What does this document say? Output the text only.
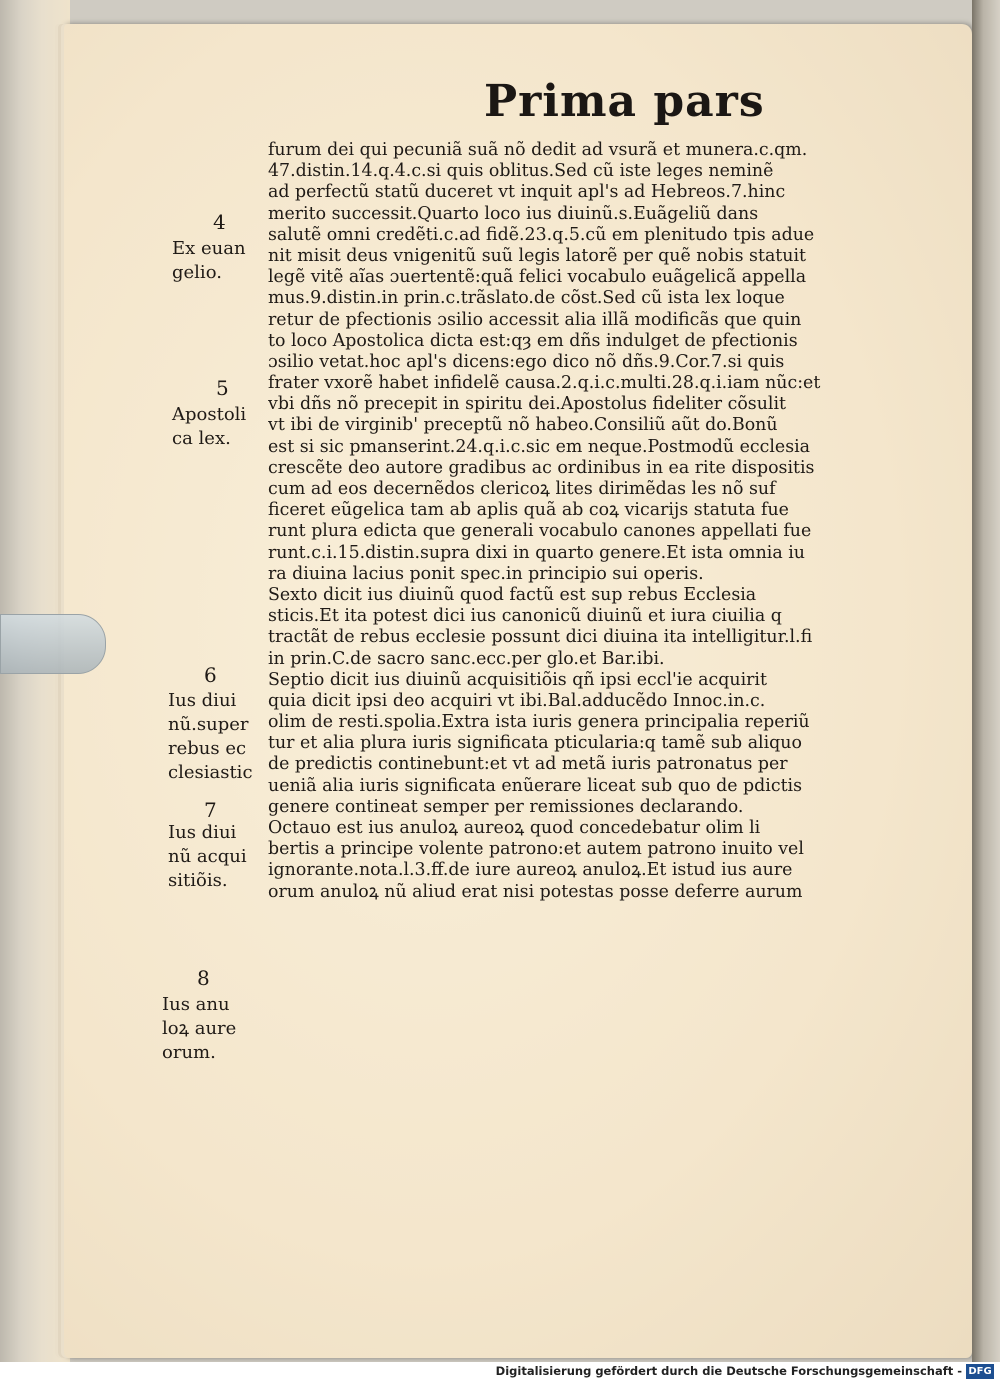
Prima pars
furum dei qui pecuniã suã nõ dedit ad vsurã et munera.c.qm.
47.distin.14.q.4.c.si quis oblitus.Sed cũ iste leges neminẽ
ad perfectũ statũ duceret vt inquit apl's ad Hebreos.7.hinc
merito successit.Quarto loco ius diuinũ.s.Euãgeliũ dans
salutẽ omni credẽti.c.ad fidẽ.23.q.5.cũ em plenitudo tpis adue
nit misit deus vnigenitũ suũ legis latorẽ per quẽ nobis statuit
legẽ vitẽ aĩas ɔuertentẽ:quã felici vocabulo euãgelicã appella
mus.9.distin.in prin.c.trãslato.de cõst.Sed cũ ista lex loque
retur de pfectionis ɔsilio accessit alia illã modificãs que quin
to loco Apostolica dicta est:qȝ em dñs indulget de pfectionis
ɔsilio vetat.hoc apl's dicens:ego dico nõ dñs.9.Cor.7.si quis
frater vxorẽ habet infidelẽ causa.2.q.i.c.multi.28.q.i.iam nũc:et
vbi dñs nõ precepit in spiritu dei.Apostolus fideliter cõsulit
vt ibi de virginib' preceptũ nõ habeo.Consiliũ aũt do.Bonũ
est si sic pmanserint.24.q.i.c.sic em neque.Postmodũ ecclesia
crescẽte deo autore gradibus ac ordinibus in ea rite dispositis
cum ad eos decernẽdos clericoꝝ lites dirimẽdas les nõ suf
ficeret eũgelica tam ab aplis quã ab coꝝ vicarijs statuta fue
runt plura edicta que generali vocabulo canones appellati fue
runt.c.i.15.distin.supra dixi in quarto genere.Et ista omnia iu
ra diuina lacius ponit spec.in principio sui operis.
Sexto dicit ius diuinũ quod factũ est sup rebus Ecclesia
sticis.Et ita potest dici ius canonicũ diuinũ et iura ciuilia q
tractãt de rebus ecclesie possunt dici diuina ita intelligitur.l.fi
in prin.C.de sacro sanc.ecc.per glo.et Bar.ibi.
Septio dicit ius diuinũ acquisitiõis qñ ipsi eccl'ie acquirit
quia dicit ipsi deo acquiri vt ibi.Bal.adducẽdo Innoc.in.c.
olim de resti.spolia.Extra ista iuris genera principalia reperiũ
tur et alia plura iuris significata pticularia:q tamẽ sub aliquo
de predictis continebunt:et vt ad metã iuris patronatus per
ueniã alia iuris significata enũerare liceat sub quo de pdictis
genere contineat semper per remissiones declarando.
Octauo est ius anuloꝝ aureoꝝ quod concedebatur olim li
bertis a principe volente patrono:et autem patrono inuito vel
ignorante.nota.l.3.ff.de iure aureoꝝ anuloꝝ.Et istud ius aure
orum anuloꝝ nũ aliud erat nisi potestas posse deferre aurum
4
Ex euan
gelio.
5
Apostoli
ca lex.
6
Ius diui
nũ.super
rebus ec
clesiastic
7
Ius diui
nũ acqui
sitiõis.
8
Ius anu
loꝝ aure
orum.
Digitalisierung gefördert durch die Deutsche Forschungsgemeinschaft - DFG
